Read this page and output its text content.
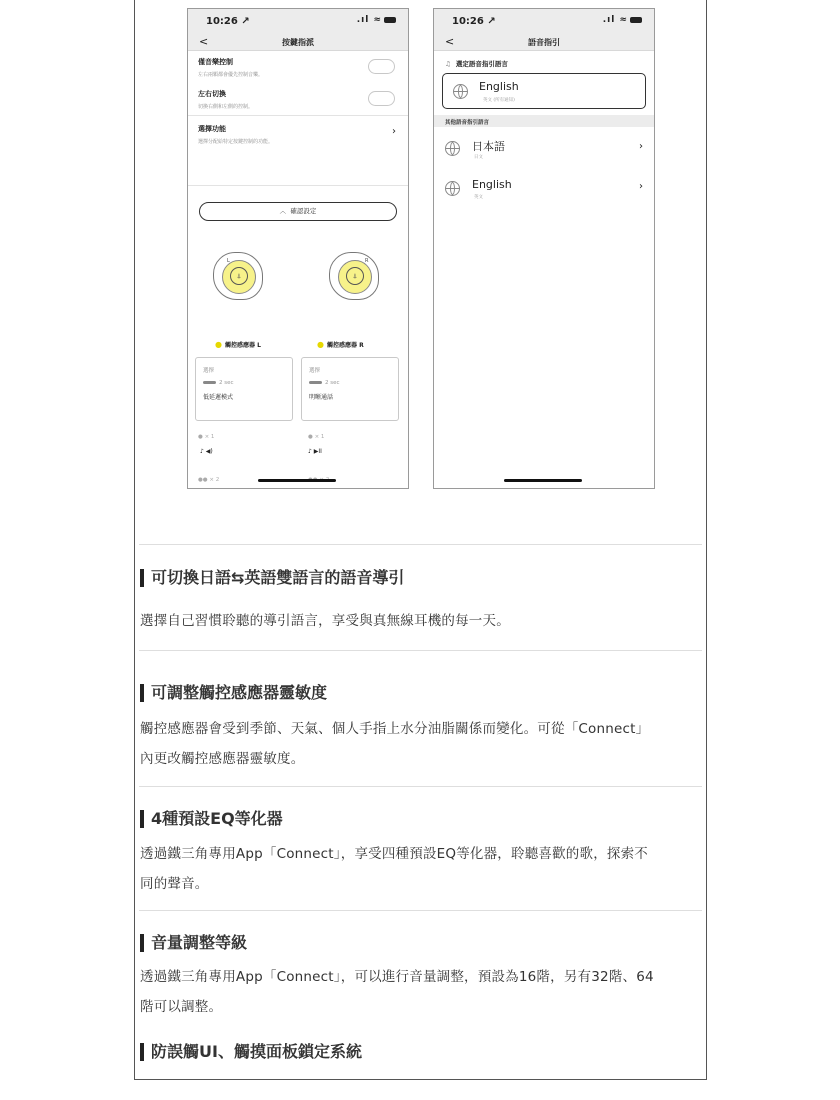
10:26 ↗	.ıl ≈
<	按鍵指派
僅音樂控制
左右兩顆都會優先控制音樂。
左右切換
切換右側和左側的控制。
選擇功能
選擇分配給特定按鍵控制的功能。
›
︿  確認設定
⍋
L
⍋
R
● 觸控感應器 L	● 觸控感應器 R
選擇
2 sec
低延遲模式
選擇
2 sec
明晰通話
● × 1	● × 1
♪ ◀)	♪ ▶II
●● × 2
10:26 ↗	.ıl ≈
<	語音指引
♫ 選定語音指引語言
English
英文 (所有通知)
其他語音指引語言
日本語
日文
›
English
英文
›
可切換日語⇆英語雙語言的語音導引
選擇自己習慣聆聽的導引語言，享受與真無線耳機的每一天。
可調整觸控感應器靈敏度
觸控感應器會受到季節、天氣、個人手指上水分油脂關係而變化。可從「Connect」
內更改觸控感應器靈敏度。
4種預設EQ等化器
透過鐵三角專用App「Connect」，享受四種預設EQ等化器，聆聽喜歡的歌，探索不
同的聲音。
音量調整等級
透過鐵三角專用App「Connect」，可以進行音量調整，預設為16階，另有32階、64
階可以調整。
防誤觸UI、觸摸面板鎖定系統
